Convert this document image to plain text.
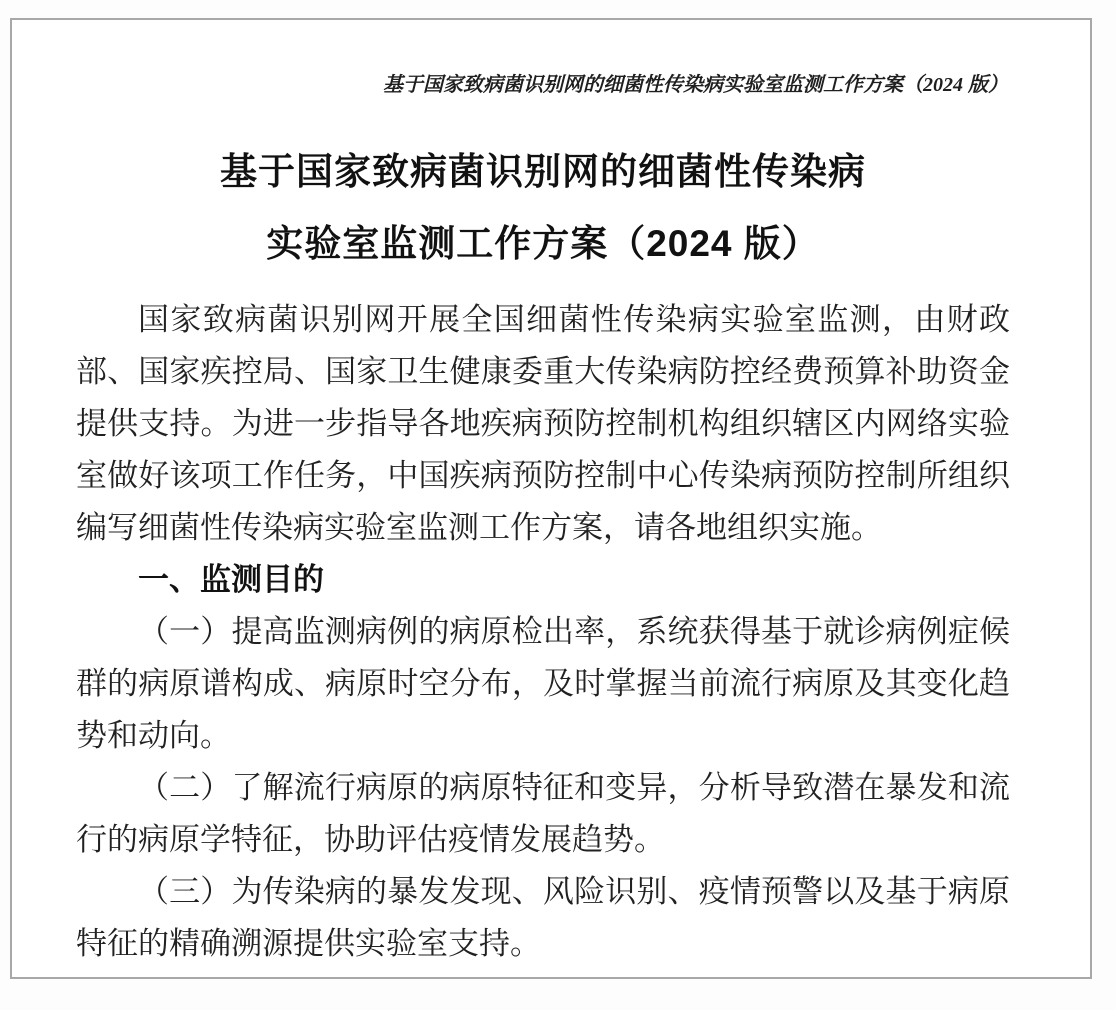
基于国家致病菌识别网的细菌性传染病实验室监测工作方案（2024 版）
基于国家致病菌识别网的细菌性传染病
实验室监测工作方案（2024 版）

国家致病菌识别网开展全国细菌性传染病实验室监测，由财政部、国家疾控局、国家卫生健康委重大传染病防控经费预算补助资金提供支持。为进一步指导各地疾病预防控制机构组织辖区内网络实验室做好该项工作任务，中国疾病预防控制中心传染病预防控制所组织编写细菌性传染病实验室监测工作方案，请各地组织实施。

一、监测目的

（一）提高监测病例的病原检出率，系统获得基于就诊病例症候群的病原谱构成、病原时空分布，及时掌握当前流行病原及其变化趋势和动向。

（二）了解流行病原的病原特征和变异，分析导致潜在暴发和流行的病原学特征，协助评估疫情发展趋势。

（三）为传染病的暴发发现、风险识别、疫情预警以及基于病原特征的精确溯源提供实验室支持。
